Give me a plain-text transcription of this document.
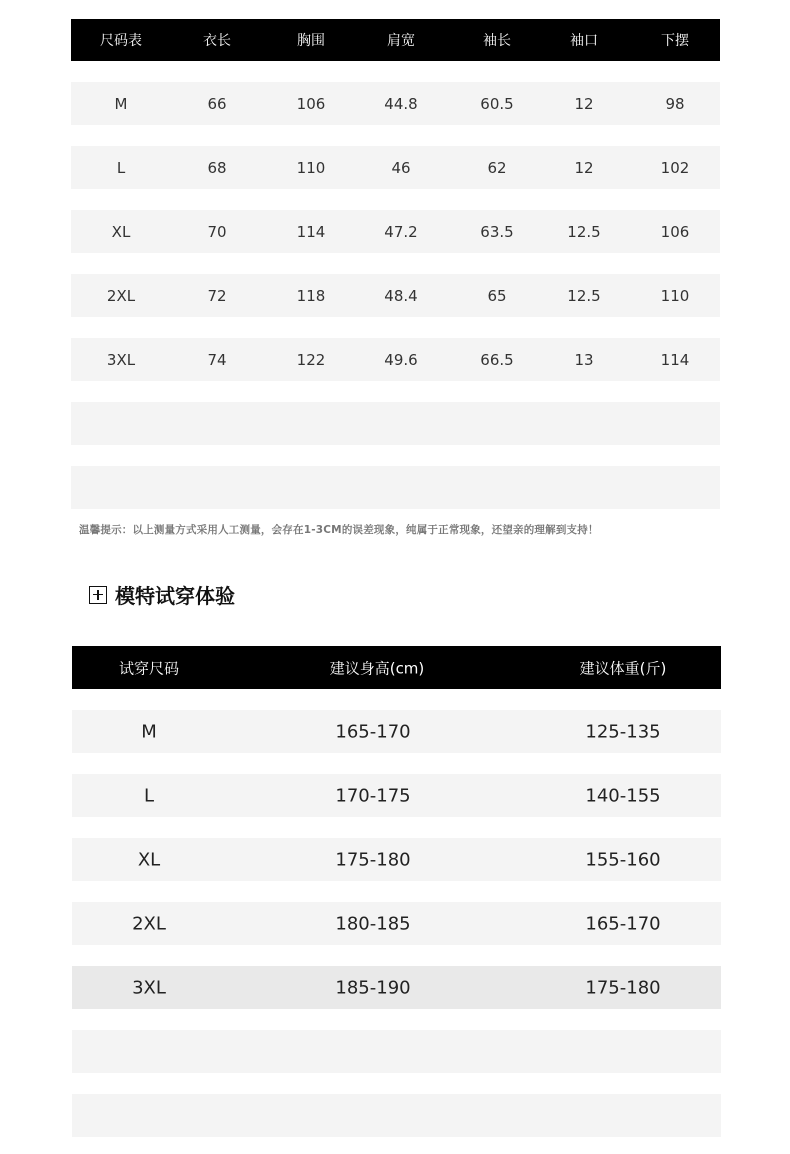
尺码表	衣长	胸围	肩宽	袖长	袖口	下摆
M	66	106	44.8	60.5	12	98
L	68	110	46	62	12	102
XL	70	114	47.2	63.5	12.5	106
2XL	72	118	48.4	65	12.5	110
3XL	74	122	49.6	66.5	13	114
温馨提示：以上测量方式采用人工测量，会存在1-3CM的误差现象，纯属于正常现象，还望亲的理解到支持！
模特试穿体验
试穿尺码	建议身高(cm)	建议体重(斤)
M	165-170	125-135
L	170-175	140-155
XL	175-180	155-160
2XL	180-185	165-170
3XL	185-190	175-180
